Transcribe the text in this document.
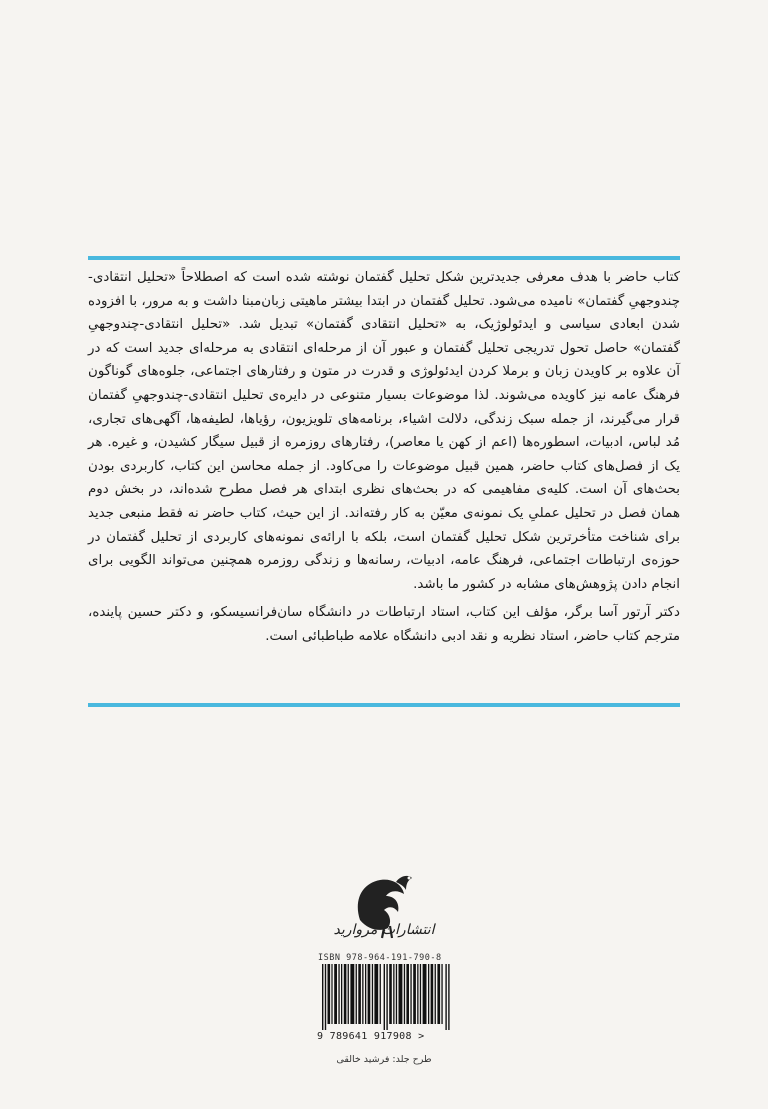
کتاب حاضر با هدف معرفی جدیدترین شکل تحلیل گفتمان نوشته شده است که اصطلاحاً «تحلیل انتقادی-چندوجهیِ گفتمان» نامیده می‌شود. تحلیل گفتمان در ابتدا بیشتر ماهیتی زبان‌مبنا داشت و به مرور، با افزوده شدن ابعادی سیاسی و ایدئولوژیک، به «تحلیل انتقادی گفتمان» تبدیل شد. «تحلیل انتقادی-چندوجهیِ گفتمان» حاصل تحول تدریجی تحلیل گفتمان و عبور آن از مرحله‌ای انتقادی به مرحله‌ای جدید است که در آن علاوه بر کاویدن زبان و برملا کردن ایدئولوژی و قدرت در متون و رفتارهای اجتماعی، جلوه‌های گوناگون فرهنگ عامه نیز کاویده می‌شوند. لذا موضوعات بسیار متنوعی در دایره‌ی تحلیل انتقادی-چندوجهیِ گفتمان قرار می‌گیرند، از جمله سبک زندگی، دلالت اشیاء، برنامه‌های تلویزیون، رؤیاها، لطیفه‌ها، آگهی‌های تجاری، مُد لباس، ادبیات، اسطوره‌ها (اعم از کهن یا معاصر)، رفتارهای روزمره از قبیل سیگار کشیدن، و غیره. هر یک از فصل‌های کتاب حاضر، همین قبیل موضوعات را می‌کاود. از جمله محاسن این کتاب، کاربردی بودن بحث‌های آن است. کلیه‌ی مفاهیمی که در بحث‌های نظری ابتدای هر فصل مطرح شده‌اند، در بخش دوم همان فصل در تحلیل عملیِ یک نمونه‌ی معیّن به کار رفته‌اند. از این حیث، کتاب حاضر نه فقط منبعی جدید برای شناخت متأخرترین شکل تحلیل گفتمان است، بلکه با ارائه‌ی نمونه‌های کاربردی از تحلیل گفتمان در حوزه‌ی ارتباطات اجتماعی، فرهنگ عامه، ادبیات، رسانه‌ها و زندگی روزمره همچنین می‌تواند الگویی برای انجام دادن پژوهش‌های مشابه در کشور ما باشد.

دکتر آرتور آسا برگر، مؤلف این کتاب، استاد ارتباطات در دانشگاه سان‌فرانسیسکو، و دکتر حسین پاینده، مترجم کتاب حاضر، استاد نظریه و نقد ادبی دانشگاه علامه طباطبائی است.

انتشارات مروارید
ISBN 978-964-191-790-8
9 789641 917908 >
طرح جلد: فرشید خالقی
